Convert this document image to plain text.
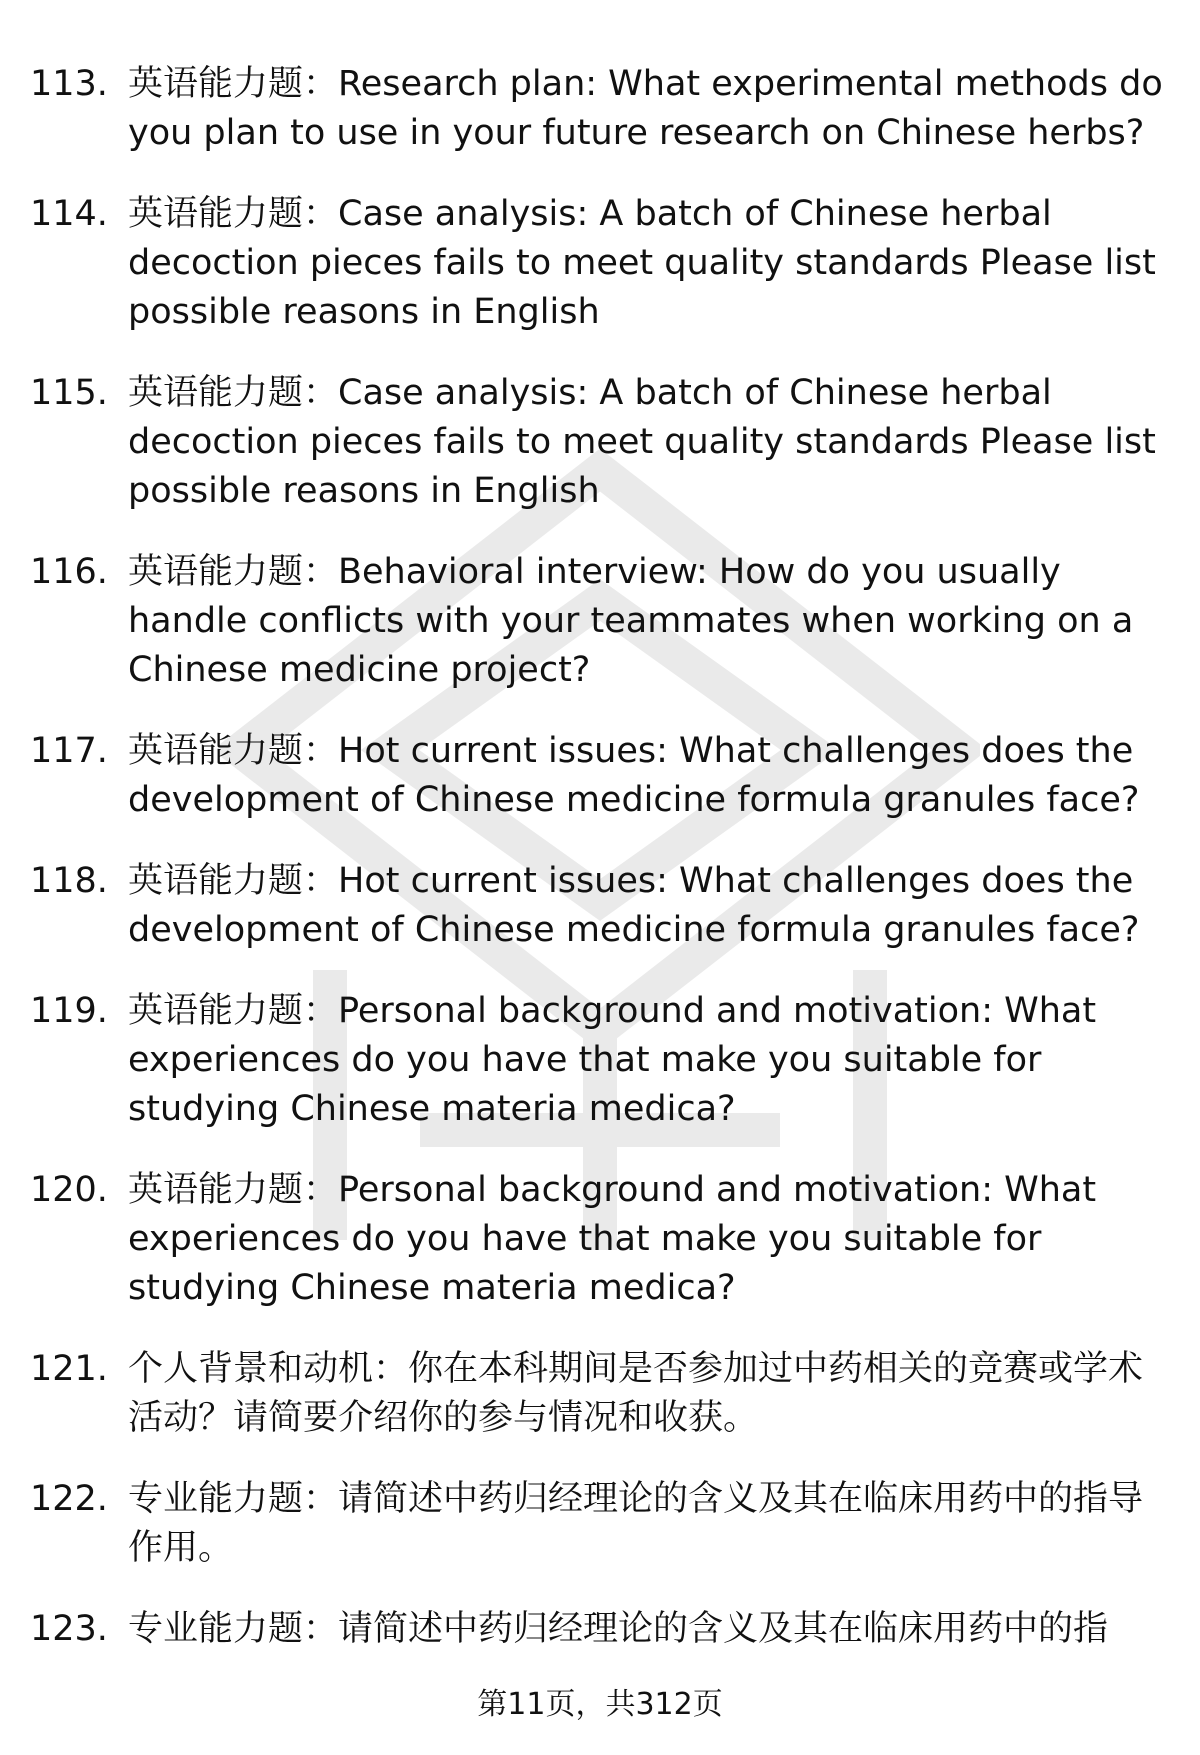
113. 英语能力题：Research plan: What experimental methods do you plan to use in your future research on Chinese herbs?
114. 英语能力题：Case analysis: A batch of Chinese herbal decoction pieces fails to meet quality standards Please list possible reasons in English
115. 英语能力题：Case analysis: A batch of Chinese herbal decoction pieces fails to meet quality standards Please list possible reasons in English
116. 英语能力题：Behavioral interview: How do you usually handle conflicts with your teammates when working on a Chinese medicine project?
117. 英语能力题：Hot current issues: What challenges does the development of Chinese medicine formula granules face?
118. 英语能力题：Hot current issues: What challenges does the development of Chinese medicine formula granules face?
119. 英语能力题：Personal background and motivation: What experiences do you have that make you suitable for studying Chinese materia medica?
120. 英语能力题：Personal background and motivation: What experiences do you have that make you suitable for studying Chinese materia medica?
121. 个人背景和动机：你在本科期间是否参加过中药相关的竞赛或学术活动？请简要介绍你的参与情况和收获。
122. 专业能力题：请简述中药归经理论的含义及其在临床用药中的指导作用。
123. 专业能力题：请简述中药归经理论的含义及其在临床用药中的指
第11页，共312页
